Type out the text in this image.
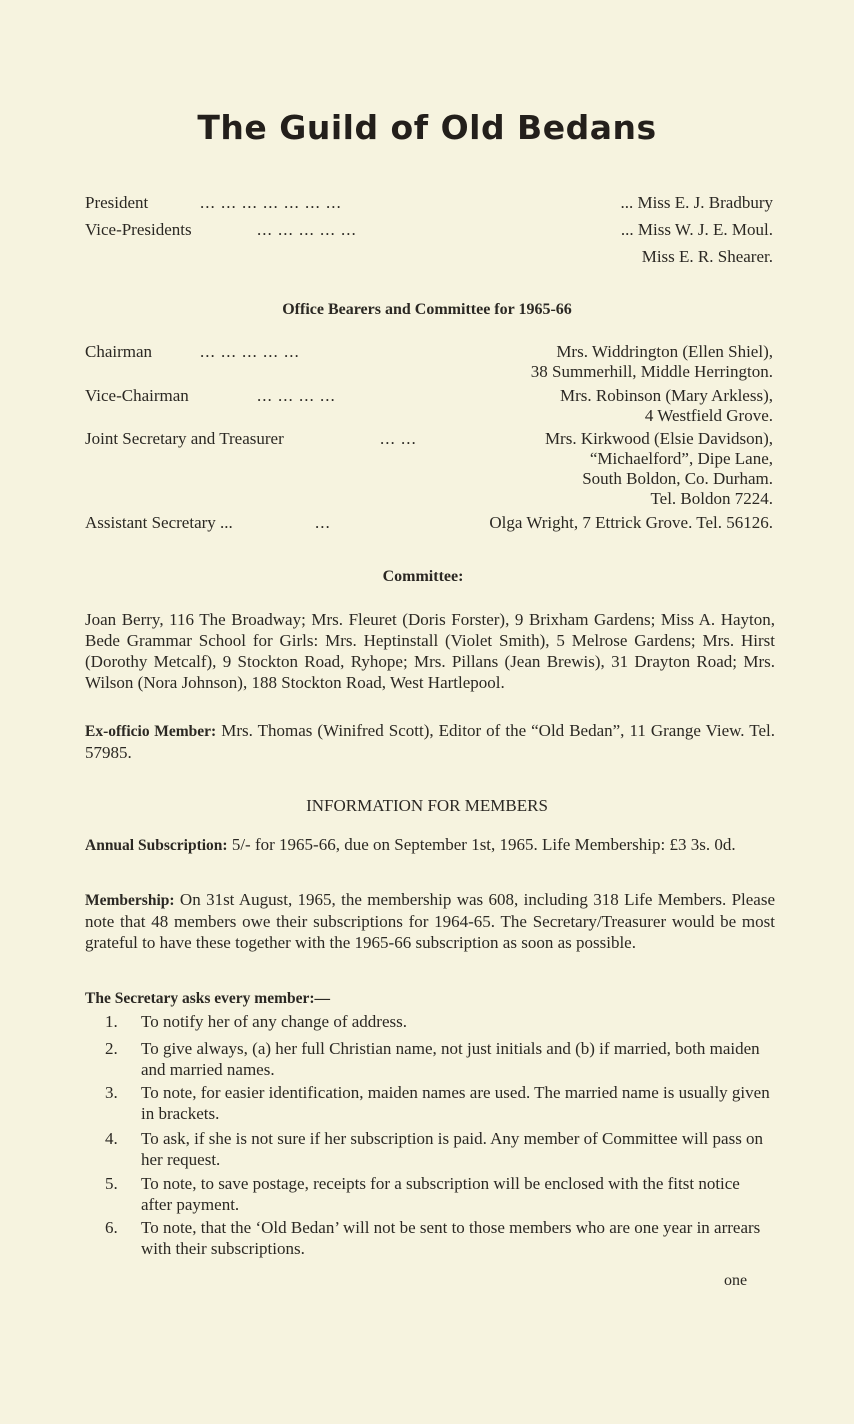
The Guild of Old Bedans
President	... ... ... ... ... ... ...	... Miss E. J. Bradbury
Vice-Presidents	... ... ... ... ...	... Miss W. J. E. Moul.
Miss E. R. Shearer.
Office Bearers and Committee for 1965-66
Chairman	... ... ... ... ...	Mrs. Widdrington (Ellen Shiel),
38 Summerhill, Middle Herrington.
Vice-Chairman	... ... ... ...	Mrs. Robinson (Mary Arkless),
4 Westfield Grove.
Joint Secretary and Treasurer	... ...	Mrs. Kirkwood (Elsie Davidson),
“Michaelford”, Dipe Lane,
South Boldon, Co. Durham.
Tel. Boldon 7224.
Assistant Secretary ...	...	Olga Wright, 7 Ettrick Grove. Tel. 56126.
Committee:
Joan Berry, 116 The Broadway; Mrs. Fleuret (Doris Forster), 9 Brixham Gardens; Miss A. Hayton, Bede Grammar School for Girls: Mrs. Heptinstall (Violet Smith), 5 Melrose Gardens; Mrs. Hirst (Dorothy Metcalf), 9 Stockton Road, Ryhope; Mrs. Pillans (Jean Brewis), 31 Drayton Road; Mrs. Wilson (Nora Johnson), 188 Stockton Road, West Hartlepool.
Ex-officio Member: Mrs. Thomas (Winifred Scott), Editor of the “Old Bedan”, 11 Grange View. Tel. 57985.
INFORMATION FOR MEMBERS
Annual Subscription: 5/- for 1965-66, due on September 1st, 1965. Life Membership: £3 3s. 0d.
Membership: On 31st August, 1965, the membership was 608, including 318 Life Members. Please note that 48 members owe their subscriptions for 1964-65. The Secretary/Treasurer would be most grateful to have these together with the 1965-66 subscription as soon as possible.
The Secretary asks every member:—
1. To notify her of any change of address.
2. To give always, (a) her full Christian name, not just initials and (b) if married, both maiden and married names.
3. To note, for easier identification, maiden names are used. The married name is usually given in brackets.
4. To ask, if she is not sure if her subscription is paid. Any member of Committee will pass on her request.
5. To note, to save postage, receipts for a subscription will be enclosed with the fitst notice after payment.
6. To note, that the ‘Old Bedan’ will not be sent to those members who are one year in arrears with their subscriptions.
one
